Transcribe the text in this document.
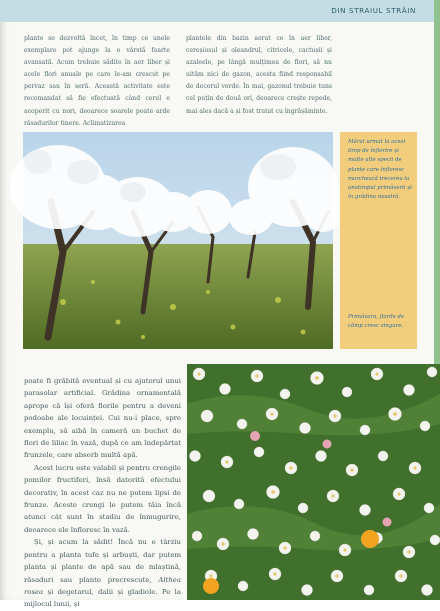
DIN STRAIUL STRĂIN
plante se dezvoltă încet, în timp ce unele exemplare pot ajunge la o vârstă foarte avansată. Acum trebuie sădite în aer liber și acele flori anuale pe care le-am crescut pe pervaz sau în seră. Această activitate este recomandat să fie efectuată când cerul e acoperit cu nori, deoarece soarele poate arde răsadurilor tinere. Aclimatizarea
plantele din bazin aerat ce în aer liber, cereșiosul și oleandrul, citricele, cactușii și azaleele, pe lângă mulțimea de flori, să nu uităm nici de gazon, acesta fiind responsabil de decorul verde. În mai, gazonul trebuie tuns cel puțin de două ori, deoarece crește repede, mai ales dacă a și fost tratat cu îngrășăminte.
Mărul urmat la acest timp de înflorire și multe alte specii de plante care înfloresc marchează trecerea la anotimpul primăverii și în grădina noastră.
Primăvara, florile de câmp cresc singure.

poate fi grăbită eventual și cu ajutorul unui parasolar artificial. Grădina ornamentală aprope că își oferă florile pentru a deveni podoabe ale locuinței. Cui nu-i place, spre exemplu, să aibă în cameră un buchet de flori de liliac în vază, după ce am îndepărtat frunzele, care absorb multă apă.

Acest lucru este valabil și pentru crengile pomilor fructiferi, însă datorită efectului decorativ, în acest caz nu ne putem lipsi de frunze. Aceste crengi le putem tăia încă atunci cât sunt în stadiu de înmugurire, deoarece ele înfloresc în vază.

Și, și acum la sădit! Încă nu e târziu pentru a planta tufe și arbuști, dar putem planta și plante de apă sau de mlaștină, răsaduri sau plante precrescute, Althea rosea și degetarul, dalii și gladiole. Pe la mijlocul lunii, și
